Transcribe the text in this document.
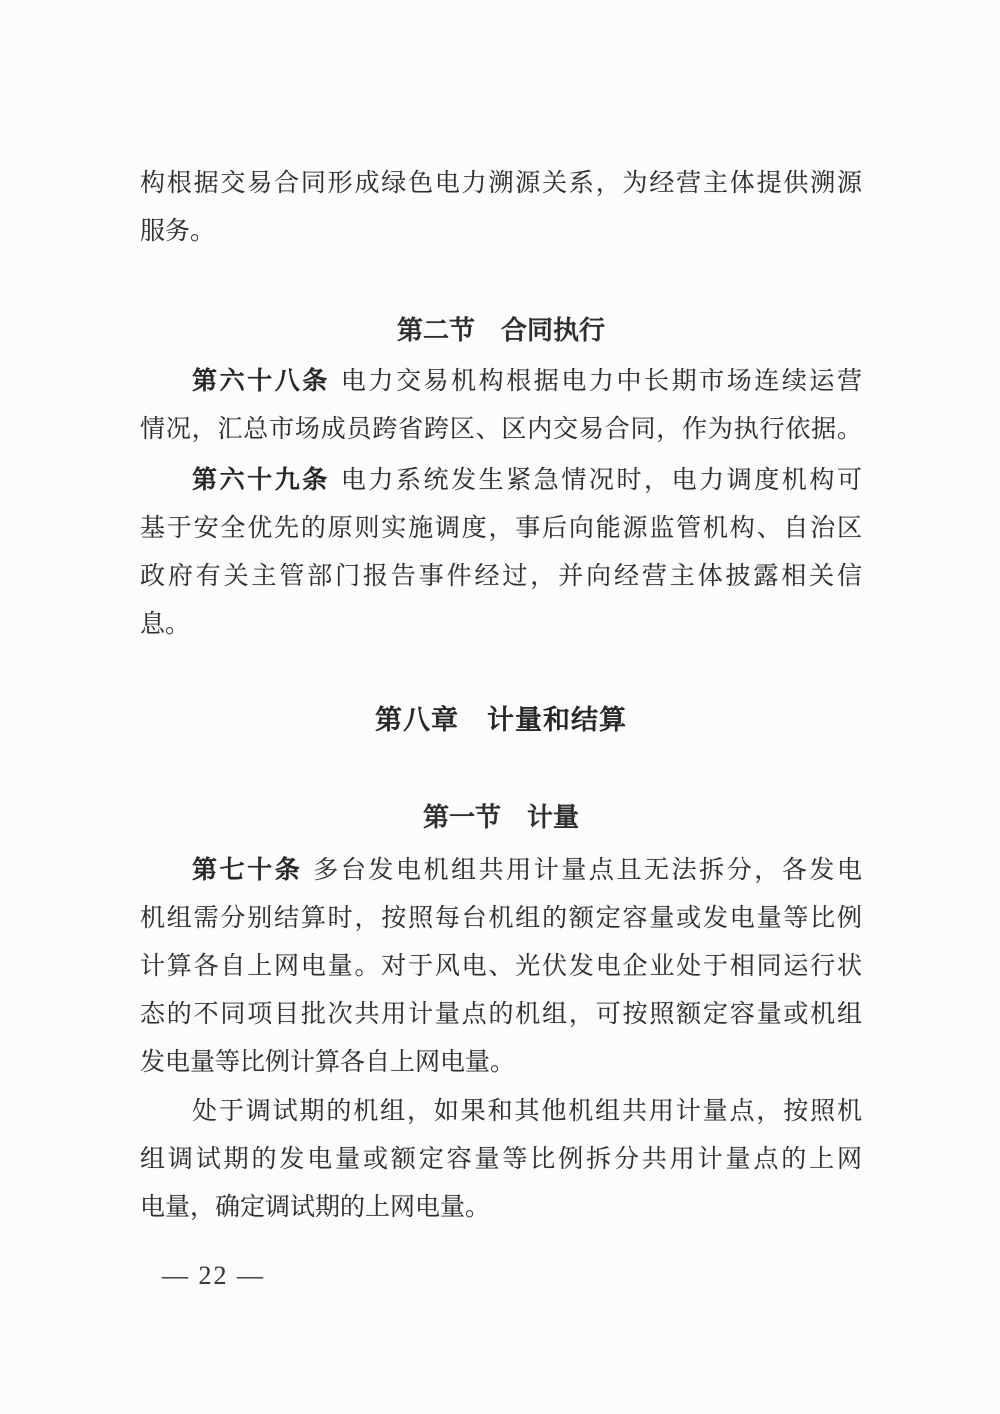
构根据交易合同形成绿色电力溯源关系，为经营主体提供溯源
服务。
第二节　合同执行
第六十八条 电力交易机构根据电力中长期市场连续运营
情况，汇总市场成员跨省跨区、区内交易合同，作为执行依据。
第六十九条 电力系统发生紧急情况时，电力调度机构可
基于安全优先的原则实施调度，事后向能源监管机构、自治区
政府有关主管部门报告事件经过，并向经营主体披露相关信
息。
第八章　计量和结算
第一节　计量
第七十条 多台发电机组共用计量点且无法拆分，各发电
机组需分别结算时，按照每台机组的额定容量或发电量等比例
计算各自上网电量。对于风电、光伏发电企业处于相同运行状
态的不同项目批次共用计量点的机组，可按照额定容量或机组
发电量等比例计算各自上网电量。
处于调试期的机组，如果和其他机组共用计量点，按照机
组调试期的发电量或额定容量等比例拆分共用计量点的上网
电量，确定调试期的上网电量。
— 22 —
